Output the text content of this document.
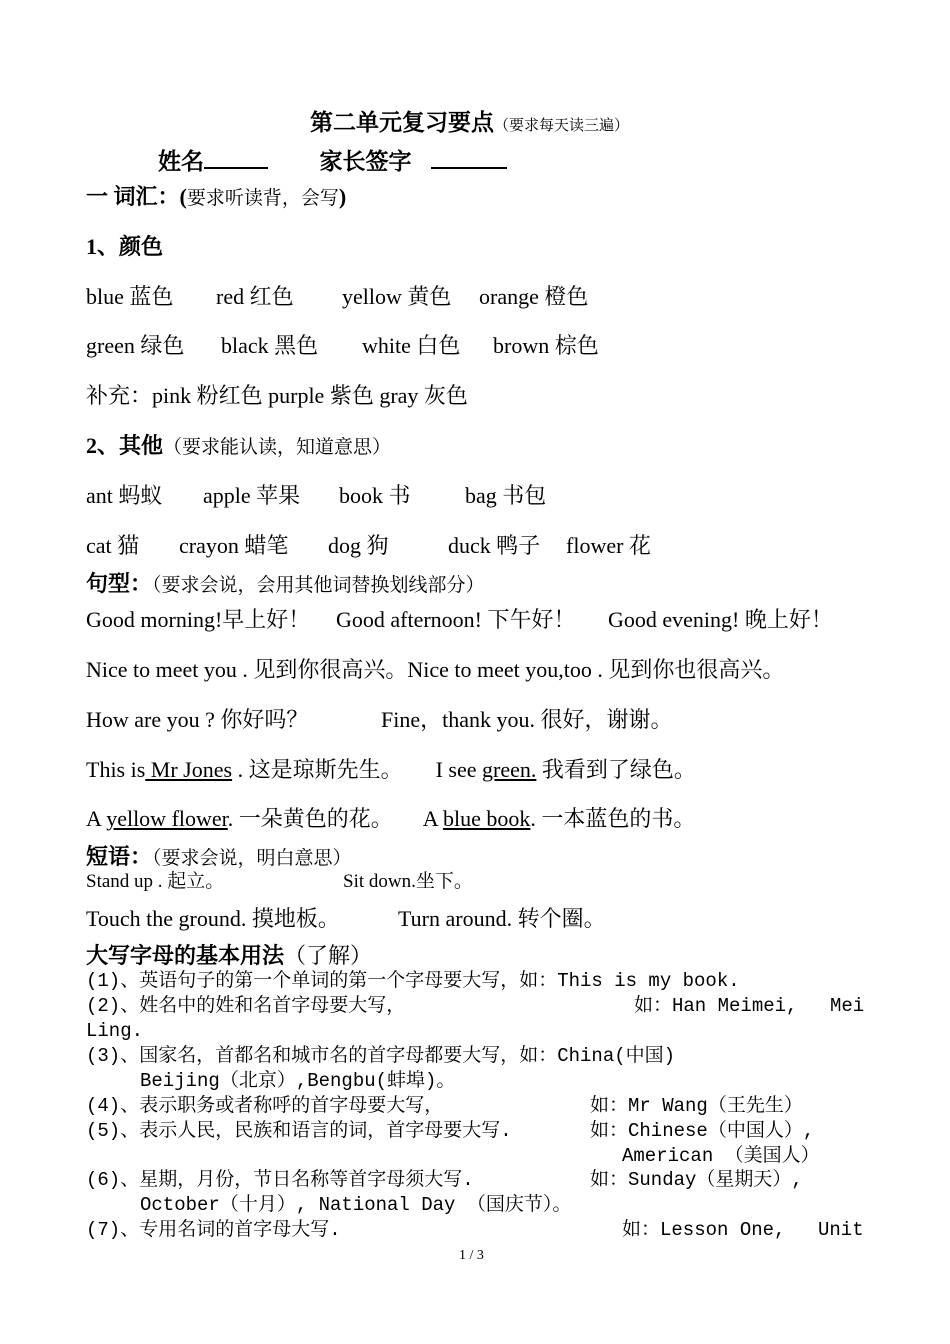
第二单元复习要点（要求每天读三遍）
姓名	家长签字
一 词汇：(要求听读背，会写)
1、颜色
blue 蓝色 red 红色 yellow 黄色 orange 橙色
green 绿色 black 黑色 white 白色 brown 棕色
补充：pink 粉红色 purple 紫色 gray 灰色
2、其他（要求能认读，知道意思）
ant 蚂蚁 apple 苹果 book 书 bag 书包
cat 猫 crayon 蜡笔 dog 狗	duck 鸭子 flower 花
句型：（要求会说，会用其他词替换划线部分）
Good morning!早上好！ Good afternoon! 下午好！ Good evening! 晚上好！
Nice to meet you . 见到你很高兴。Nice to meet you,too . 见到你也很高兴。
How are you ? 你好吗？	Fine，thank you. 很好，谢谢。
This is Mr Jones . 这是琼斯先生。 I see green. 我看到了绿色。
A yellow flower. 一朵黄色的花。 A blue book. 一本蓝色的书。
短语：（要求会说，明白意思）
Stand up . 起立。	Sit down.坐下。
Touch the ground. 摸地板。	Turn around. 转个圈。
大写字母的基本用法（了解）
(1)、英语句子的第一个单词的第一个字母要大写，如：This is my book.
(2)、姓名中的姓和名首字母要大写，	如：Han Meimei, Mei
Ling.
(3)、国家名，首都名和城市名的首字母都要大写，如：China(中国)
Beijing（北京）,Bengbu(蚌埠)。
(4)、表示职务或者称呼的首字母要大写，	如：Mr Wang（王先生）
(5)、表示人民，民族和语言的词，首字母要大写.	如：Chinese（中国人）,
American （美国人）
(6)、星期，月份，节日名称等首字母须大写.	如：Sunday（星期天）,
October（十月）, National Day （国庆节）。
(7)、专用名词的首字母大写.	如：Lesson One, Unit
1 / 3
